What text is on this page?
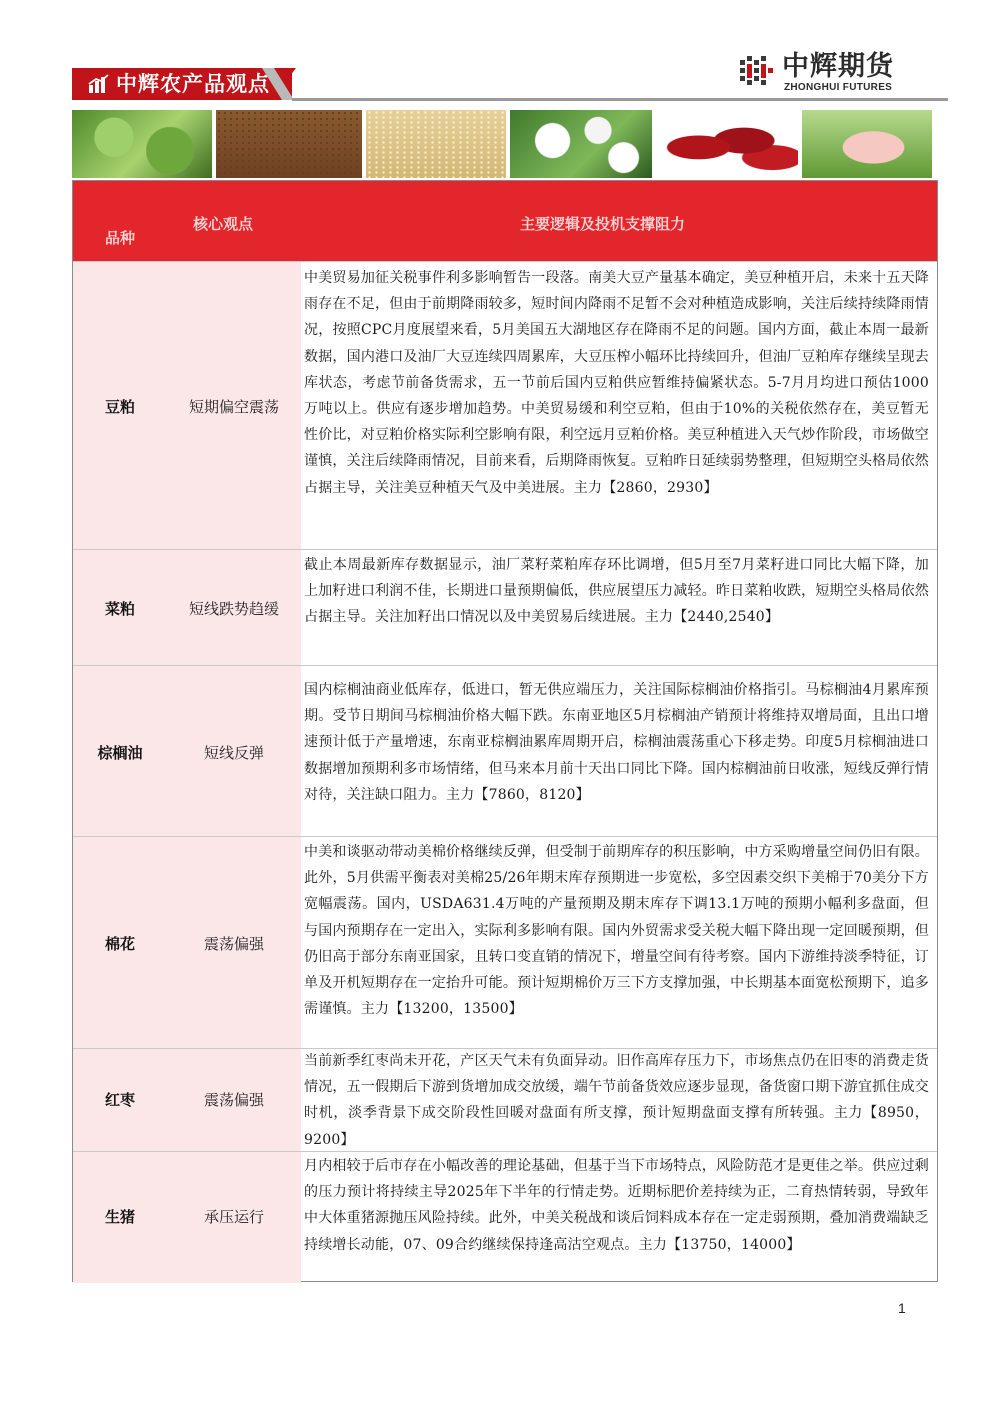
中辉农产品观点
中辉期货
ZHONGHUI FUTURES
品种
核心观点	主要逻辑及投机支撑阻力
豆粕	短期偏空震荡
中美贸易加征关税事件利多影响暂告一段落。南美大豆产量基本确定，美豆种植开启，未来十五天降雨存在不足，但由于前期降雨较多，短时间内降雨不足暂不会对种植造成影响，关注后续持续降雨情况，按照CPC月度展望来看，5月美国五大湖地区存在降雨不足的问题。国内方面，截止本周一最新数据，国内港口及油厂大豆连续四周累库，大豆压榨小幅环比持续回升，但油厂豆粕库存继续呈现去库状态，考虑节前备货需求，五一节前后国内豆粕供应暂维持偏紧状态。5-7月月均进口预估1000万吨以上。供应有逐步增加趋势。中美贸易缓和利空豆粕，但由于10%的关税依然存在，美豆暂无性价比，对豆粕价格实际利空影响有限，利空远月豆粕价格。美豆种植进入天气炒作阶段，市场做空谨慎，关注后续降雨情况，目前来看，后期降雨恢复。豆粕昨日延续弱势整理，但短期空头格局依然占据主导，关注美豆种植天气及中美进展。主力【2860，2930】
菜粕	短线跌势趋缓
截止本周最新库存数据显示，油厂菜籽菜粕库存环比调增，但5月至7月菜籽进口同比大幅下降，加上加籽进口利润不佳，长期进口量预期偏低，供应展望压力减轻。昨日菜粕收跌，短期空头格局依然占据主导。关注加籽出口情况以及中美贸易后续进展。主力【2440,2540】
棕榈油	短线反弹
国内棕榈油商业低库存，低进口，暂无供应端压力，关注国际棕榈油价格指引。马棕榈油4月累库预期。受节日期间马棕榈油价格大幅下跌。东南亚地区5月棕榈油产销预计将维持双增局面，且出口增速预计低于产量增速，东南亚棕榈油累库周期开启，棕榈油震荡重心下移走势。印度5月棕榈油进口数据增加预期利多市场情绪，但马来本月前十天出口同比下降。国内棕榈油前日收涨，短线反弹行情对待，关注缺口阻力。主力【7860，8120】
棉花	震荡偏强
中美和谈驱动带动美棉价格继续反弹，但受制于前期库存的积压影响，中方采购增量空间仍旧有限。此外，5月供需平衡表对美棉25/26年期末库存预期进一步宽松，多空因素交织下美棉于70美分下方宽幅震荡。国内，USDA631.4万吨的产量预期及期末库存下调13.1万吨的预期小幅利多盘面，但与国内预期存在一定出入，实际利多影响有限。国内外贸需求受关税大幅下降出现一定回暖预期，但仍旧高于部分东南亚国家，且转口变直销的情况下，增量空间有待考察。国内下游维持淡季特征，订单及开机短期存在一定抬升可能。预计短期棉价万三下方支撑加强，中长期基本面宽松预期下，追多需谨慎。主力【13200，13500】
红枣	震荡偏强
当前新季红枣尚未开花，产区天气未有负面异动。旧作高库存压力下，市场焦点仍在旧枣的消费走货情况，五一假期后下游到货增加成交放缓，端午节前备货效应逐步显现，备货窗口期下游宜抓住成交时机，淡季背景下成交阶段性回暖对盘面有所支撑，预计短期盘面支撑有所转强。主力【8950，9200】
生猪	承压运行
月内相较于后市存在小幅改善的理论基础，但基于当下市场特点，风险防范才是更佳之举。供应过剩的压力预计将持续主导2025年下半年的行情走势。近期标肥价差持续为正，二育热情转弱，导致年中大体重猪源抛压风险持续。此外，中美关税战和谈后饲料成本存在一定走弱预期，叠加消费端缺乏持续增长动能，07、09合约继续保持逢高沽空观点。主力【13750，14000】
1
